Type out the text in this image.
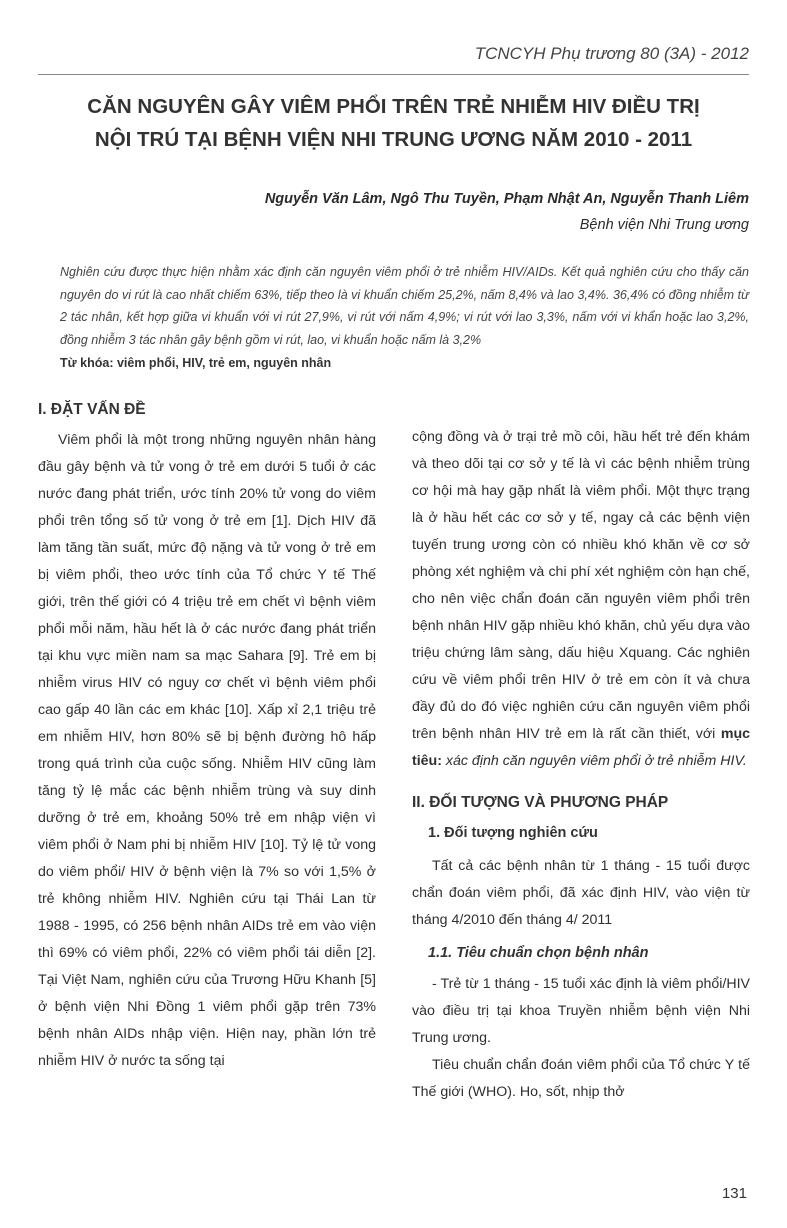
TCNCYH Phụ trương 80 (3A) - 2012
CĂN NGUYÊN GÂY VIÊM PHỔI TRÊN TRẺ NHIỄM HIV ĐIỀU TRỊ
NỘI TRÚ TẠI BỆNH VIỆN NHI TRUNG ƯƠNG NĂM 2010 - 2011
Nguyễn Văn Lâm, Ngô Thu Tuyền, Phạm Nhật An, Nguyễn Thanh Liêm
Bệnh viện Nhi Trung ương
Nghiên cứu được thực hiện nhằm xác định căn nguyên viêm phổi ở trẻ nhiễm HIV/AIDs. Kết quả nghiên cứu cho thấy căn nguyên do vi rút là cao nhất chiếm 63%, tiếp theo là vi khuẩn chiếm 25,2%, nấm 8,4% và lao 3,4%. 36,4% có đồng nhiễm từ 2 tác nhân, kết hợp giữa vi khuẩn với vi rút 27,9%, vi rút với nấm 4,9%; vi rút với lao 3,3%, nấm với vi khẩn hoặc lao 3,2%, đồng nhiễm 3 tác nhân gây bệnh gồm vi rút, lao, vi khuẩn hoặc nấm là 3,2%
Từ khóa: viêm phổi, HIV, trẻ em, nguyên nhân
I. ĐẶT VẤN ĐỀ

Viêm phổi là một trong những nguyên nhân hàng đầu gây bệnh và tử vong ở trẻ em dưới 5 tuổi ở các nước đang phát triển, ước tính 20% tử vong do viêm phổi trên tổng số tử vong ở trẻ em [1]. Dịch HIV đã làm tăng tần suất, mức độ nặng và tử vong ở trẻ em bị viêm phổi, theo ước tính của Tổ chức Y tế Thế giới, trên thế giới có 4 triệu trẻ em chết vì bệnh viêm phổi mỗi năm, hầu hết là ở các nước đang phát triển tại khu vực miền nam sa mạc Sahara [9]. Trẻ em bị nhiễm virus HIV có nguy cơ chết vì bệnh viêm phổi cao gấp 40 lần các em khác [10]. Xấp xỉ 2,1 triệu trẻ em nhiễm HIV, hơn 80% sẽ bị bệnh đường hô hấp trong quá trình của cuộc sống. Nhiễm HIV cũng làm tăng tỷ lệ mắc các bệnh nhiễm trùng và suy dinh dưỡng ở trẻ em, khoảng 50% trẻ em nhập viện vì viêm phổi ở Nam phi bị nhiễm HIV [10]. Tỷ lệ tử vong do viêm phổi/ HIV ở bệnh viện là 7% so với 1,5% ở trẻ không nhiễm HIV. Nghiên cứu tại Thái Lan từ 1988 - 1995, có 256 bệnh nhân AIDs trẻ em vào viện thì 69% có viêm phổi, 22% có viêm phổi tái diễn [2]. Tại Việt Nam, nghiên cứu của Trương Hữu Khanh [5] ở bệnh viện Nhi Đồng 1 viêm phổi gặp trên 73% bệnh nhân AIDs nhập viện. Hiện nay, phần lớn trẻ nhiễm HIV ở nước ta sống tại

cộng đồng và ở trại trẻ mồ côi, hầu hết trẻ đến khám và theo dõi tại cơ sở y tế là vì các bệnh nhiễm trùng cơ hội mà hay gặp nhất là viêm phổi. Một thực trạng là ở hầu hết các cơ sở y tế, ngay cả các bệnh viện tuyến trung ương còn có nhiều khó khăn về cơ sở phòng xét nghiệm và chi phí xét nghiệm còn hạn chế, cho nên việc chẩn đoán căn nguyên viêm phổi trên bệnh nhân HIV gặp nhiều khó khăn, chủ yếu dựa vào triệu chứng lâm sàng, dấu hiệu Xquang. Các nghiên cứu về viêm phổi trên HIV ở trẻ em còn ít và chưa đầy đủ do đó việc nghiên cứu căn nguyên viêm phổi trên bệnh nhân HIV trẻ em là rất cần thiết, với mục tiêu: xác định căn nguyên viêm phổi ở trẻ nhiễm HIV.

II. ĐỐI TƯỢNG VÀ PHƯƠNG PHÁP
1. Đối tượng nghiên cứu

Tất cả các bệnh nhân từ 1 tháng - 15 tuổi được chẩn đoán viêm phổi, đã xác định HIV, vào viện từ tháng 4/2010 đến tháng 4/ 2011

1.1. Tiêu chuẩn chọn bệnh nhân

- Trẻ từ 1 tháng - 15 tuổi xác định là viêm phổi/HIV vào điều trị tại khoa Truyền nhiễm bệnh viện Nhi Trung ương.

Tiêu chuẩn chẩn đoán viêm phổi của Tổ chức Y tế Thế giới (WHO). Ho, sốt, nhịp thở

131
